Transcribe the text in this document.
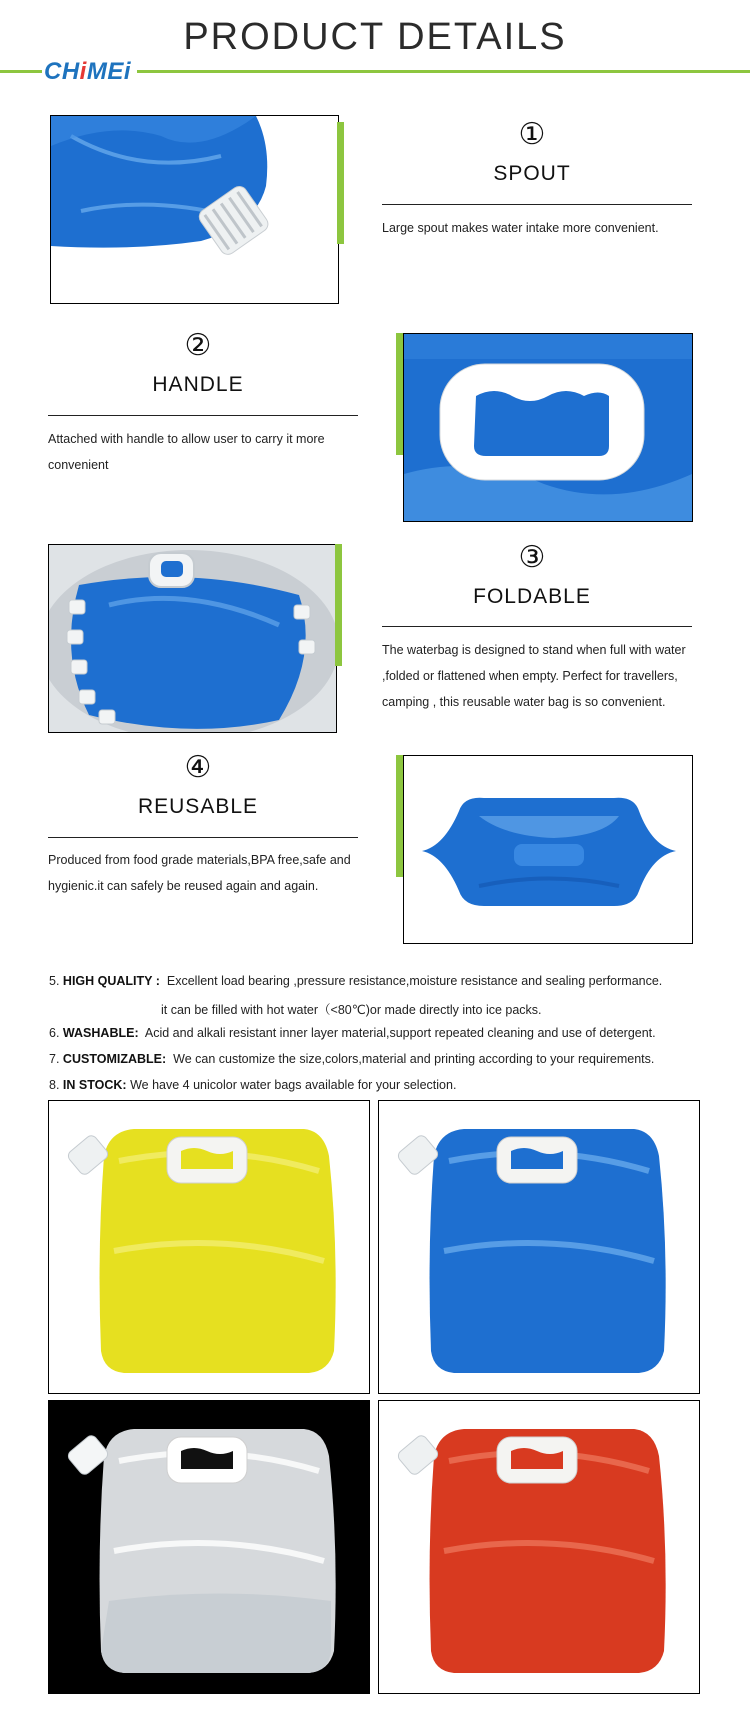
PRODUCT DETAILS
CHiMEi
①
SPOUT
Large spout makes water intake more convenient.
②
HANDLE
Attached with handle to allow user to carry it more convenient
③
FOLDABLE
The waterbag is designed to stand when full with water ,folded or flattened when empty. Perfect for travellers, camping , this reusable water bag is so convenient.
④
REUSABLE
Produced from food grade materials,BPA free,safe and hygienic.it can safely be reused again and again.
5. HIGH QUALITY : Excellent load bearing ,pressure resistance,moisture resistance and sealing performance.
it can be filled with hot water（<80℃)or made directly into ice packs.
6. WASHABLE: Acid and alkali resistant inner layer material,support repeated cleaning and use of detergent.
7. CUSTOMIZABLE: We can customize the size,colors,material and printing according to your requirements.
8. IN STOCK: We have 4 unicolor water bags available for your selection.
